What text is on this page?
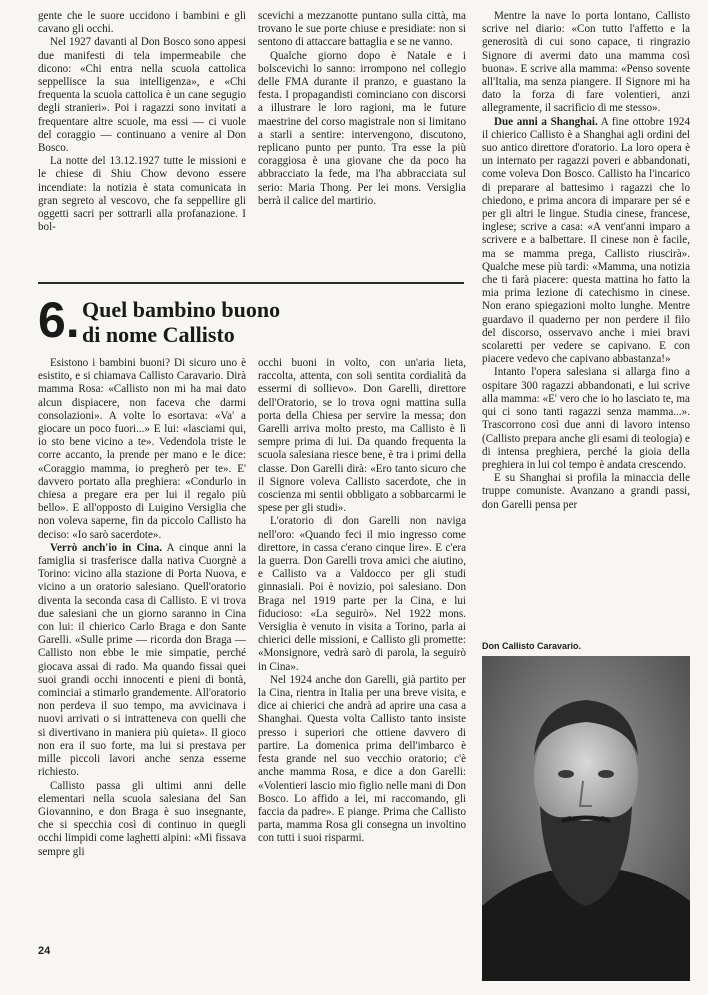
gente che le suore uccidono i bambini e gli cavano gli occhi.

Nel 1927 davanti al Don Bosco sono appesi due manifesti di tela impermeabile che dicono: «Chi entra nella scuola cattolica seppellisce la sua intelligenza», e «Chi frequenta la scuola cattolica è un cane segugio degli stranieri». Poi i ragazzi sono invitati a frequentare altre scuole, ma essi — ci vuole del coraggio — continuano a venire al Don Bosco.

La notte del 13.12.1927 tutte le missioni e le chiese di Shiu Chow devono essere incendiate: la notizia è stata comunicata in gran segreto al vescovo, che fa seppellire gli oggetti sacri per sottrarli alla profanazione. I bol-

scevichi a mezzanotte puntano sulla città, ma trovano le sue porte chiuse e presidiate: non si sentono di attaccare battaglia e se ne vanno.

Qualche giorno dopo è Natale e i bolscevichi lo sanno: irrompono nel collegio delle FMA durante il pranzo, e guastano la festa. I propagandisti cominciano con discorsi a illustrare le loro ragioni, ma le future maestrine del corso magistrale non si limitano a starli a sentire: intervengono, discutono, replicano punto per punto. Tra esse la più coraggiosa è una giovane che da poco ha abbracciato la fede, ma l'ha abbracciata sul serio: Maria Thong. Per lei mons. Versiglia berrà il calice del martirio.

6. Quel bambino buono
di nome Callisto

Esistono i bambini buoni? Di sicuro uno è esistito, e si chiamava Callisto Caravario. Dirà mamma Rosa: «Callisto non mi ha mai dato alcun dispiacere, non faceva che darmi consolazioni». A volte lo esortava: «Va' a giocare un poco fuori...» E lui: «lasciami qui, io sto bene vicino a te». Vedendola triste le corre accanto, la prende per mano e le dice: «Coraggio mamma, io pregherò per te». E' davvero portato alla preghiera: «Condurlo in chiesa a pregare era per lui il regalo più bello». E all'opposto di Luigino Versiglia che non voleva saperne, fin da piccolo Callisto ha deciso: «Io sarò sacerdote».

Verrò anch'io in Cina. A cinque anni la famiglia si trasferisce dalla nativa Cuorgnè a Torino: vicino alla stazione di Porta Nuova, e vicino a un oratorio salesiano. Quell'oratorio diventa la seconda casa di Callisto. E vi trova due salesiani che un giorno saranno in Cina con lui: il chierico Carlo Braga e don Sante Garelli. «Sulle prime — ricorda don Braga — Callisto non ebbe le mie simpatie, perché giocava assai di rado. Ma quando fissai quei suoi grandi occhi innocenti e pieni di bontà, cominciai a stimarlo grandemente. All'oratorio non perdeva il suo tempo, ma avvicinava i nuovi arrivati o si intratteneva con quelli che si divertivano in maniera più quieta». Il gioco non era il suo forte, ma lui si prestava per mille piccoli lavori anche senza esserne richiesto.

Callisto passa gli ultimi anni delle elementari nella scuola salesiana del San Giovannino, e don Braga è suo insegnante, che si specchia così di continuo in quegli occhi limpidi come laghetti alpini: «Mi fissava sempre gli

occhi buoni in volto, con un'aria lieta, raccolta, attenta, con soli sentita cordialità da essermi di sollievo». Don Garelli, direttore dell'Oratorio, se lo trova ogni mattina sulla porta della Chiesa per servire la messa; don Garelli arriva molto presto, ma Callisto è lì sempre prima di lui. Da quando frequenta la scuola salesiana riesce bene, è tra i primi della classe. Don Garelli dirà: «Ero tanto sicuro che il Signore voleva Callisto sacerdote, che in coscienza mi sentii obbligato a sobbarcarmi le spese per gli studi».

L'oratorio di don Garelli non naviga nell'oro: «Quando feci il mio ingresso come direttore, in cassa c'erano cinque lire». E c'era la guerra. Don Garelli trova amici che aiutino, e Callisto va a Valdocco per gli studi ginnasiali. Poi è novizio, poi salesiano. Don Braga nel 1919 parte per la Cina, e lui fiducioso: «La seguirò». Nel 1922 mons. Versiglia è venuto in visita a Torino, parla ai chierici delle missioni, e Callisto gli promette: «Monsignore, vedrà sarò di parola, la seguirò in Cina».

Nel 1924 anche don Garelli, già partito per la Cina, rientra in Italia per una breve visita, e dice ai chierici che andrà ad aprire una casa a Shanghai. Questa volta Callisto tanto insiste presso i superiori che ottiene davvero di partire. La domenica prima dell'imbarco è festa grande nel suo vecchio oratorio; c'è anche mamma Rosa, e dice a don Garelli: «Volentieri lascio mio figlio nelle mani di Don Bosco. Lo affido a lei, mi raccomando, gli faccia da padre». E piange. Prima che Callisto parta, mamma Rosa gli consegna un involtino con tutti i suoi risparmi.

Mentre la nave lo porta lontano, Callisto scrive nel diario: «Con tutto l'affetto e la generosità di cui sono capace, ti ringrazio Signore di avermi dato una mamma così buona». E scrive alla mamma: «Penso sovente all'Italia, ma senza piangere. Il Signore mi ha dato la forza di fare volentieri, anzi allegramente, il sacrificio di me stesso».

Due anni a Shanghai. A fine ottobre 1924 il chierico Callisto è a Shanghai agli ordini del suo antico direttore d'oratorio. La loro opera è un internato per ragazzi poveri e abbandonati, come voleva Don Bosco. Callisto ha l'incarico di preparare al battesimo i ragazzi che lo chiedono, e prima ancora di imparare per sé e per gli altri le lingue. Studia cinese, francese, inglese; scrive a casa: «A vent'anni imparo a scrivere e a balbettare. Il cinese non è facile, ma se mamma prega, Callisto riuscirà». Qualche mese più tardi: «Mamma, una notizia che ti farà piacere: questa mattina ho fatto la mia prima lezione di catechismo in cinese. Non erano spiegazioni molto lunghe. Mentre guardavo il quaderno per non perdere il filo del discorso, osservavo anche i miei bravi scolaretti per vedere se capivano. E con piacere vedevo che capivano abbastanza!»

Intanto l'opera salesiana si allarga fino a ospitare 300 ragazzi abbandonati, e lui scrive alla mamma: «E' vero che io ho lasciato te, ma qui ci sono tanti ragazzi senza mamma...». Trascorrono così due anni di lavoro intenso (Callisto prepara anche gli esami di teologia) e di intensa preghiera, perché la gioia della preghiera in lui col tempo è andata crescendo.

E su Shanghai si profila la minaccia delle truppe comuniste. Avanzano a grandi passi, don Garelli pensa per

Don Callisto Caravario.
24
